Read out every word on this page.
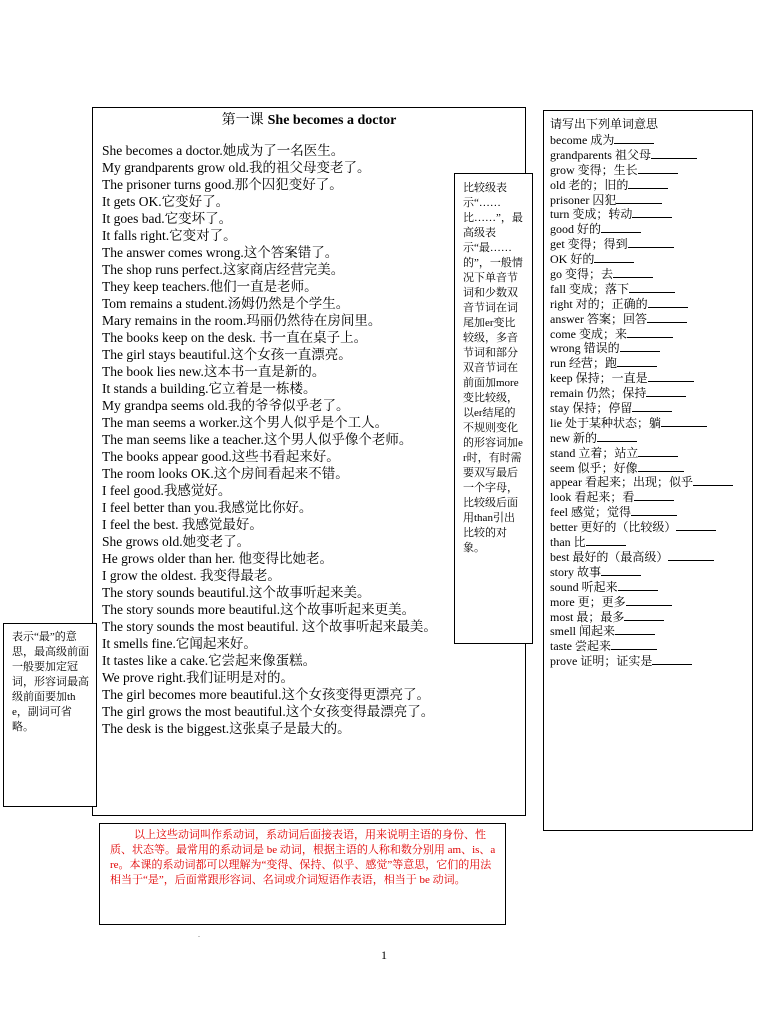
第一课 She becomes a doctor
She becomes a doctor.她成为了一名医生。
My grandparents grow old.我的祖父母变老了。
The prisoner turns good.那个囚犯变好了。
It gets OK.它变好了。
It goes bad.它变坏了。
It falls right.它变对了。
The answer comes wrong.这个答案错了。
The shop runs perfect.这家商店经营完美。
They keep teachers.他们一直是老师。
Tom remains a student.汤姆仍然是个学生。
Mary remains in the room.玛丽仍然待在房间里。
The books keep on the desk. 书一直在桌子上。
The girl stays beautiful.这个女孩一直漂亮。
The book lies new.这本书一直是新的。
It stands a building.它立着是一栋楼。
My grandpa seems old.我的爷爷似乎老了。
The man seems a worker.这个男人似乎是个工人。
The man seems like a teacher.这个男人似乎像个老师。
The books appear good.这些书看起来好。
The room looks OK.这个房间看起来不错。
I feel good.我感觉好。
I feel better than you.我感觉比你好。
I feel the best. 我感觉最好。
She grows old.她变老了。
He grows older than her. 他变得比她老。
I grow the oldest. 我变得最老。
The story sounds beautiful.这个故事听起来美。
The story sounds more beautiful.这个故事听起来更美。
The story sounds the most beautiful. 这个故事听起来最美。
It smells fine.它闻起来好。
It tastes like a cake.它尝起来像蛋糕。
We prove right.我们证明是对的。
The girl becomes more beautiful.这个女孩变得更漂亮了。
The girl grows the most beautiful.这个女孩变得最漂亮了。
The desk is the biggest.这张桌子是最大的。
比较级表示“……比……”，最高级表示“最……的”，一般情况下单音节词和少数双音节词在词尾加er变比较级，多音节词和部分双音节词在前面加more变比较级，以er结尾的不规则变化的形容词加er时，有时需要双写最后一个字母，比较级后面用than引出比较的对象。
表示“最”的意思，最高级前面一般要加定冠词，形容词最高级前面要加the，副词可省略。
请写出下列单词意思
become 成为
grandparents 祖父母
grow 变得；生长
old 老的；旧的
prisoner 囚犯
turn 变成；转动
good 好的
get 变得；得到
OK 好的
go 变得；去
fall 变成；落下
right 对的；正确的
answer 答案；回答
come 变成；来
wrong 错误的
run 经营；跑
keep 保持；一直是
remain 仍然；保持
stay 保持；停留
lie 处于某种状态；躺
new 新的
stand 立着；站立
seem 似乎；好像
appear 看起来；出现；似乎
look 看起来；看
feel 感觉；觉得
better 更好的（比较级）
than 比
best 最好的（最高级）
story 故事
sound 听起来
more 更；更多
most 最；最多
smell 闻起来
taste 尝起来
prove 证明；证实是

以上这些动词叫作系动词，系动词后面接表语，用来说明主语的身份、性质、状态等。最常用的系动词是 be 动词，根据主语的人称和数分别用 am、is、are。本课的系动词都可以理解为“变得、保持、似乎、感觉”等意思，它们的用法相当于“是”，后面常跟形容词、名词或介词短语作表语，相当于 be 动词。

.
1
